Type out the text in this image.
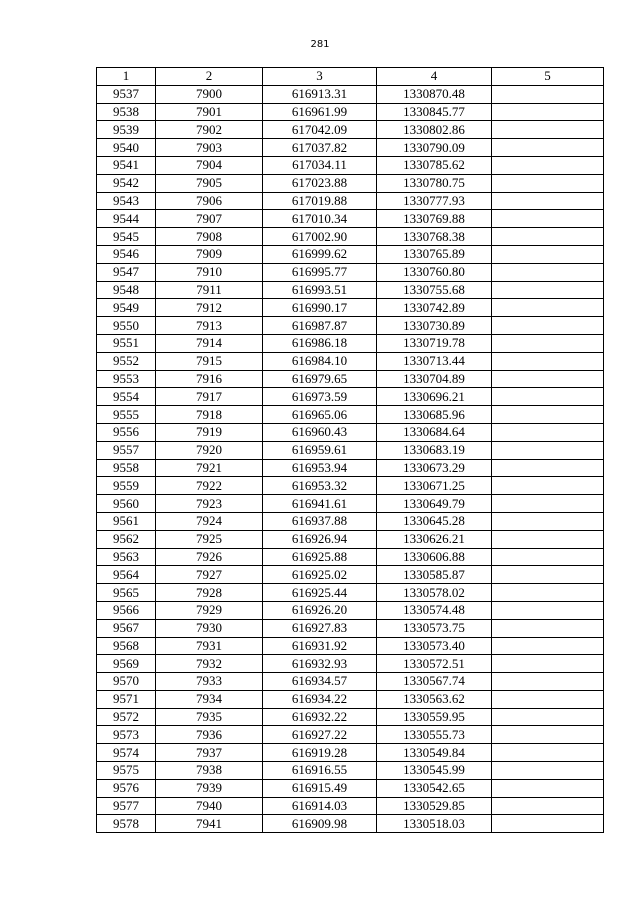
281
1	2	3	4	5
9537	7900	616913.31	1330870.48	
9538	7901	616961.99	1330845.77	
9539	7902	617042.09	1330802.86	
9540	7903	617037.82	1330790.09	
9541	7904	617034.11	1330785.62	
9542	7905	617023.88	1330780.75	
9543	7906	617019.88	1330777.93	
9544	7907	617010.34	1330769.88	
9545	7908	617002.90	1330768.38	
9546	7909	616999.62	1330765.89	
9547	7910	616995.77	1330760.80	
9548	7911	616993.51	1330755.68	
9549	7912	616990.17	1330742.89	
9550	7913	616987.87	1330730.89	
9551	7914	616986.18	1330719.78	
9552	7915	616984.10	1330713.44	
9553	7916	616979.65	1330704.89	
9554	7917	616973.59	1330696.21	
9555	7918	616965.06	1330685.96	
9556	7919	616960.43	1330684.64	
9557	7920	616959.61	1330683.19	
9558	7921	616953.94	1330673.29	
9559	7922	616953.32	1330671.25	
9560	7923	616941.61	1330649.79	
9561	7924	616937.88	1330645.28	
9562	7925	616926.94	1330626.21	
9563	7926	616925.88	1330606.88	
9564	7927	616925.02	1330585.87	
9565	7928	616925.44	1330578.02	
9566	7929	616926.20	1330574.48	
9567	7930	616927.83	1330573.75	
9568	7931	616931.92	1330573.40	
9569	7932	616932.93	1330572.51	
9570	7933	616934.57	1330567.74	
9571	7934	616934.22	1330563.62	
9572	7935	616932.22	1330559.95	
9573	7936	616927.22	1330555.73	
9574	7937	616919.28	1330549.84	
9575	7938	616916.55	1330545.99	
9576	7939	616915.49	1330542.65	
9577	7940	616914.03	1330529.85	
9578	7941	616909.98	1330518.03	
